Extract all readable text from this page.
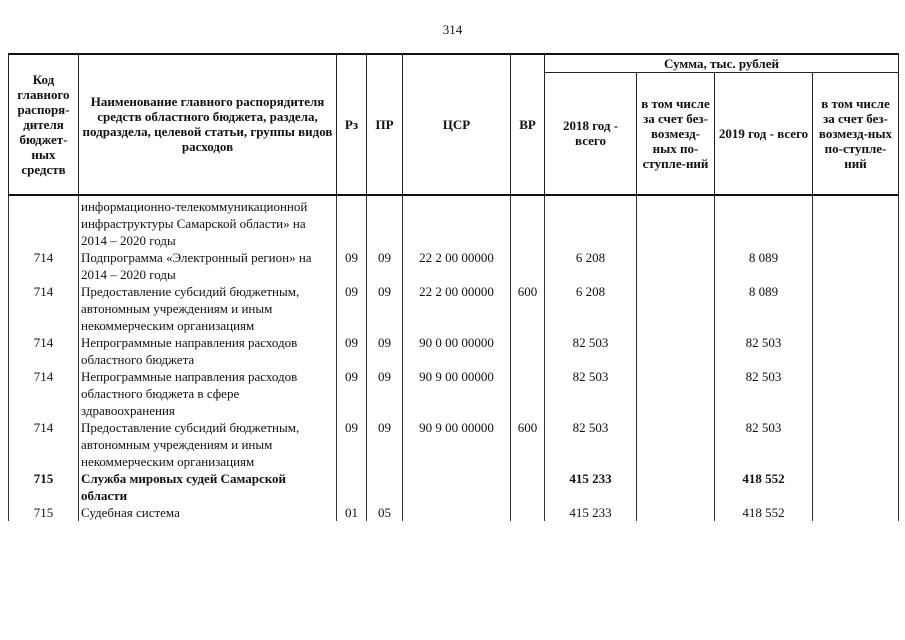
314
Код главного распоря-дителя бюджет-ных средств	Наименование главного распорядителя средств областного бюджета, раздела, подраздела, целевой статьи, группы видов расходов	Рз	ПР	ЦСР	ВР	Сумма, тыс. рублей			
						2018 год - всего	в том числе за счет без-возмезд-ных по-ступле-ний	2019 год - всего	в том числе за счет без-возмезд-ных по-ступле-ний
	информационно-телекоммуникационной инфраструктуры Самарской области» на 2014 – 2020 годы								
714	Подпрограмма «Электронный регион» на 2014 – 2020 годы	09	09	22 2 00 00000		6 208		8 089	
714	Предоставление субсидий бюджетным, автономным учреждениям и иным некоммерческим организациям	09	09	22 2 00 00000	600	6 208		8 089	
714	Непрограммные направления расходов областного бюджета	09	09	90 0 00 00000		82 503		82 503	
714	Непрограммные направления расходов областного бюджета в сфере здравоохранения	09	09	90 9 00 00000		82 503		82 503	
714	Предоставление субсидий бюджетным, автономным учреждениям и иным некоммерческим организациям	09	09	90 9 00 00000	600	82 503		82 503	
715	Служба мировых судей Самарской области					415 233		418 552	
715	Судебная система	01	05			415 233		418 552	
